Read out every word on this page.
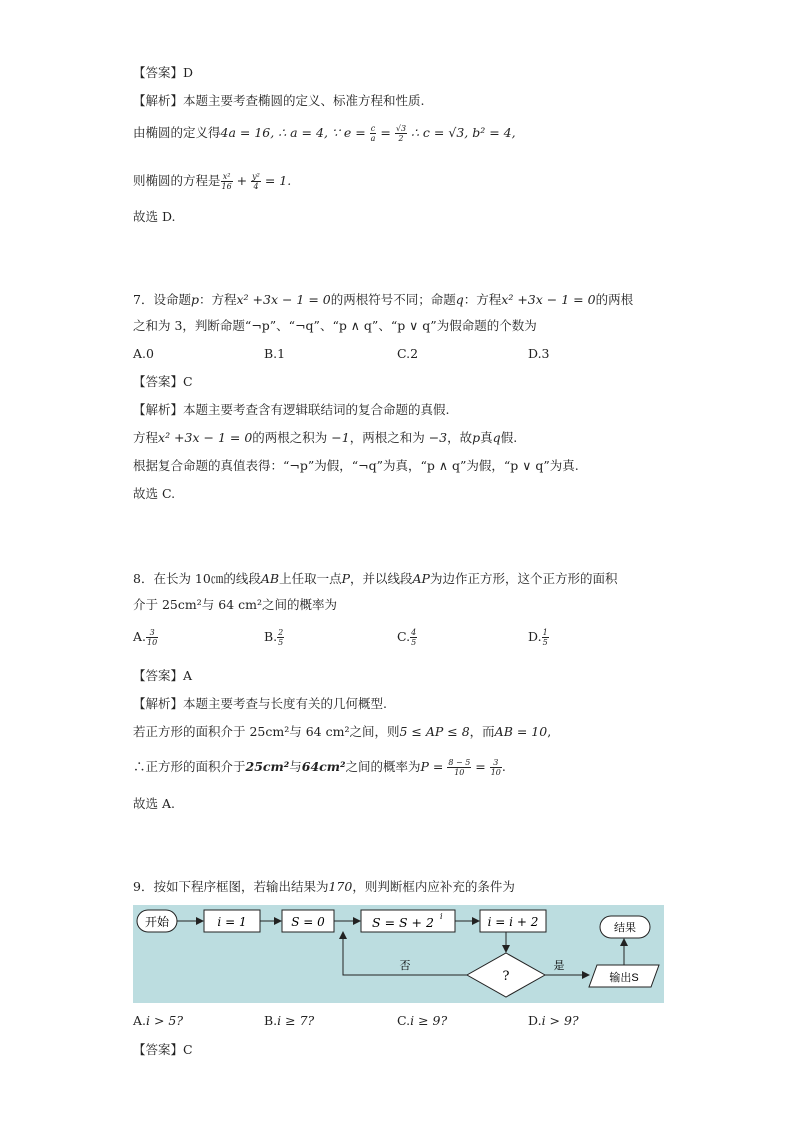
【答案】D
【解析】本题主要考查椭圆的定义、标准方程和性质.
由椭圆的定义得4a = 16, ∴ a = 4, ∵ $e = \frac{c}{a} = \frac{√3}{2}$ ∴ c = √3, b² = 4,
则椭圆的方程是 $\frac{\text{x²}}{16} + \frac{\text{y²}}{4} = 1$.
故选 D.
7．设命题p：方程x² +3x − 1 = 0的两根符号不同；命题q：方程x² +3x − 1 = 0的两根
之和为 3，判断命题“¬p”、“¬q”、“p ∧ q”、“p ∨ q”为假命题的个数为
A.0	B.1	C.2	D.3
【答案】C
【解析】本题主要考查含有逻辑联结词的复合命题的真假.
方程x² +3x − 1 = 0的两根之积为 −1，两根之和为 −3，故p真q假.
根据复合命题的真值表得：“¬p”为假，“¬q”为真，“p ∧ q”为假，“p ∨ q”为真.
故选 C.
8．在长为 10㎝的线段AB上任取一点P，并以线段AP为边作正方形，这个正方形的面积
介于 25cm²与 64 cm²之间的概率为
A. $\frac{3}{10}$	B. $\frac{2}{5}$	C. $\frac{4}{5}$	D. $\frac{1}{5}$
【答案】A
【解析】本题主要考查与长度有关的几何概型.
若正方形的面积介于 25cm²与 64 cm²之间，则5 ≤ AP ≤ 8，而AB = 10,
∴正方形的面积介于25cm²与64cm²之间的概率为$P = \frac{8 - 5}{10} = \frac{3}{10}$ .
故选 A.
9．按如下程序框图，若输出结果为170，则判断框内应补充的条件为
开始	i = 1	S = 0	S = S + 2 i	i = i + 2
?
否	是
输出S
结果
A.i > 5?	B.i ≥ 7?	C.i ≥ 9?	D.i > 9?
【答案】C
